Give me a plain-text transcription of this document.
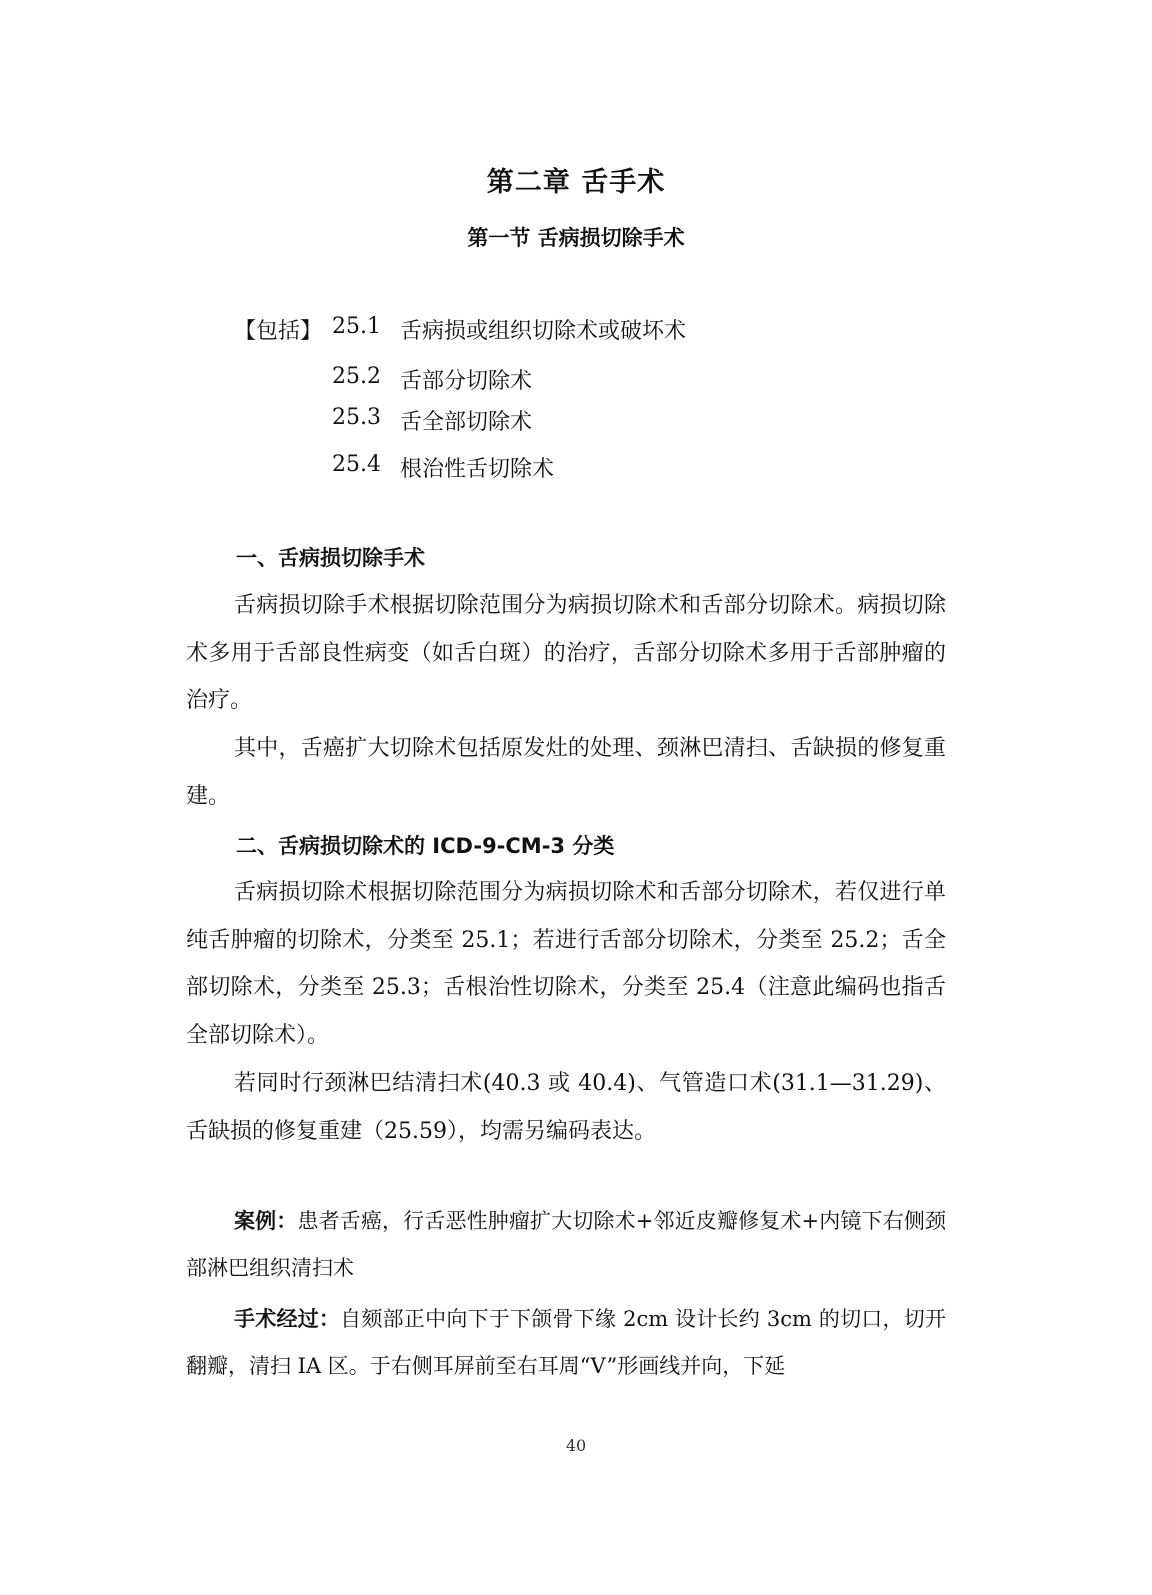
第二章 舌手术
第一节 舌病损切除手术
【包括】 25.1 舌病损或组织切除术或破坏术
25.2 舌部分切除术
25.3 舌全部切除术
25.4 根治性舌切除术
一、舌病损切除手术
舌病损切除手术根据切除范围分为病损切除术和舌部分切除术。病损切除术多用于舌部良性病变（如舌白斑）的治疗，舌部分切除术多用于舌部肿瘤的治疗。
其中，舌癌扩大切除术包括原发灶的处理、颈淋巴清扫、舌缺损的修复重建。
二、舌病损切除术的 ICD-9-CM-3 分类
舌病损切除术根据切除范围分为病损切除术和舌部分切除术，若仅进行单纯舌肿瘤的切除术，分类至 25.1；若进行舌部分切除术，分类至 25.2；舌全部切除术，分类至 25.3；舌根治性切除术，分类至 25.4（注意此编码也指舌全部切除术）。
若同时行颈淋巴结清扫术(40.3 或 40.4)、气管造口术(31.1—31.29)、舌缺损的修复重建（25.59），均需另编码表达。
案例：患者舌癌，行舌恶性肿瘤扩大切除术+邻近皮瓣修复术+内镜下右侧颈部淋巴组织清扫术
手术经过：自颏部正中向下于下颌骨下缘 2cm 设计长约 3cm 的切口，切开翻瓣，清扫 IA 区。于右侧耳屏前至右耳周“V”形画线并向，下延
40
